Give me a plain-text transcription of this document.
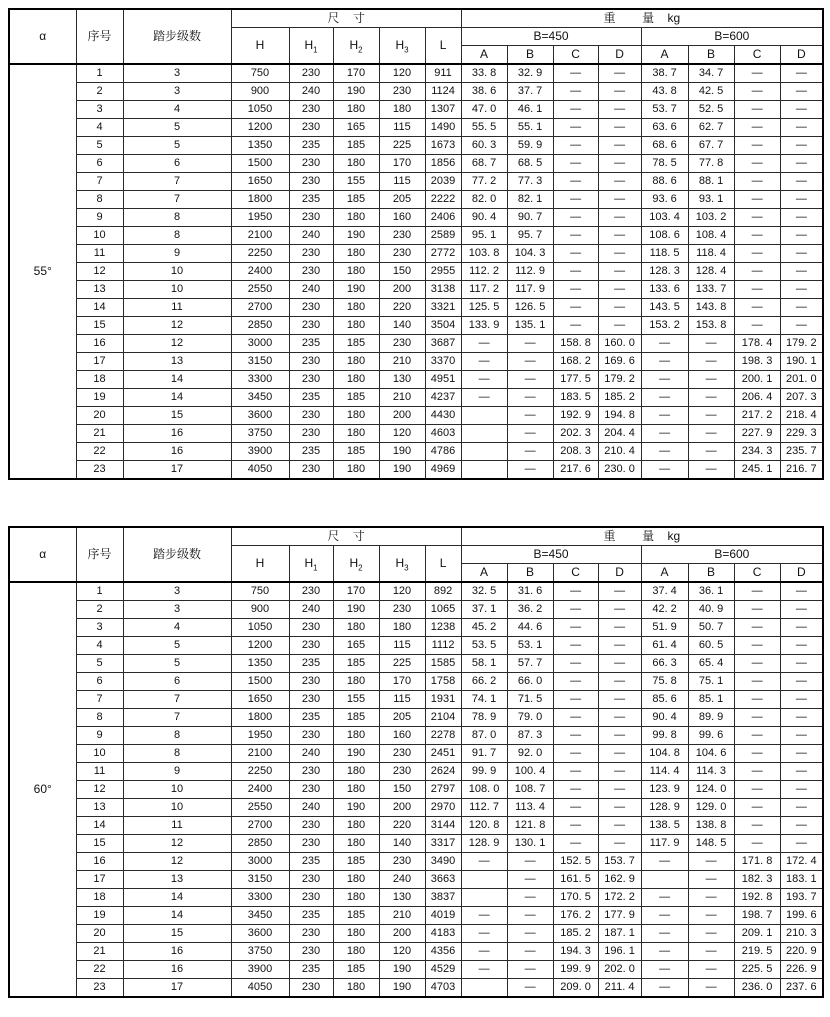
α	序号	踏步级数	尺    寸					重        量    kg							
			H	$H_1$	$H_2$	$H_3$	L	B=450				B=600			
								A	B	C	D	A	B	C	D
55°	1	3	750	230	170	120	911	33. 8	32. 9	—	—	38. 7	34. 7	—	—
	2	3	900	240	190	230	1124	38. 6	37. 7	—	—	43. 8	42. 5	—	—
	3	4	1050	230	180	180	1307	47. 0	46. 1	—	—	53. 7	52. 5	—	—
	4	5	1200	230	165	115	1490	55. 5	55. 1	—	—	63. 6	62. 7	—	—
	5	5	1350	235	185	225	1673	60. 3	59. 9	—	—	68. 6	67. 7	—	—
	6	6	1500	230	180	170	1856	68. 7	68. 5	—	—	78. 5	77. 8	—	—
	7	7	1650	230	155	115	2039	77. 2	77. 3	—	—	88. 6	88. 1	—	—
	8	7	1800	235	185	205	2222	82. 0	82. 1	—	—	93. 6	93. 1	—	—
	9	8	1950	230	180	160	2406	90. 4	90. 7	—	—	103. 4	103. 2	—	—
	10	8	2100	240	190	230	2589	95. 1	95. 7	—	—	108. 6	108. 4	—	—
	11	9	2250	230	180	230	2772	103. 8	104. 3	—	—	118. 5	118. 4	—	—
	12	10	2400	230	180	150	2955	112. 2	112. 9	—	—	128. 3	128. 4	—	—
	13	10	2550	240	190	200	3138	117. 2	117. 9	—	—	133. 6	133. 7	—	—
	14	11	2700	230	180	220	3321	125. 5	126. 5	—	—	143. 5	143. 8	—	—
	15	12	2850	230	180	140	3504	133. 9	135. 1	—	—	153. 2	153. 8	—	—
	16	12	3000	235	185	230	3687	—	—	158. 8	160. 0	—	—	178. 4	179. 2
	17	13	3150	230	180	210	3370	—	—	168. 2	169. 6	—	—	198. 3	190. 1
	18	14	3300	230	180	130	4951	—	—	177. 5	179. 2	—	—	200. 1	201. 0
	19	14	3450	235	185	210	4237	—	—	183. 5	185. 2	—	—	206. 4	207. 3
	20	15	3600	230	180	200	4430		—	192. 9	194. 8	—	—	217. 2	218. 4
	21	16	3750	230	180	120	4603		—	202. 3	204. 4	—	—	227. 9	229. 3
	22	16	3900	235	185	190	4786		—	208. 3	210. 4	—	—	234. 3	235. 7
	23	17	4050	230	180	190	4969		—	217. 6	230. 0	—	—	245. 1	216. 7
α	序号	踏步级数	尺    寸					重        量    kg							
			H	$H_1$	$H_2$	$H_3$	L	B=450				B=600			
								A	B	C	D	A	B	C	D
60°	1	3	750	230	170	120	892	32. 5	31. 6	—	—	37. 4	36. 1	—	—
	2	3	900	240	190	230	1065	37. 1	36. 2	—	—	42. 2	40. 9	—	—
	3	4	1050	230	180	180	1238	45. 2	44. 6	—	—	51. 9	50. 7	—	—
	4	5	1200	230	165	115	1112	53. 5	53. 1	—	—	61. 4	60. 5	—	—
	5	5	1350	235	185	225	1585	58. 1	57. 7	—	—	66. 3	65. 4	—	—
	6	6	1500	230	180	170	1758	66. 2	66. 0	—	—	75. 8	75. 1	—	—
	7	7	1650	230	155	115	1931	74. 1	71. 5	—	—	85. 6	85. 1	—	—
	8	7	1800	235	185	205	2104	78. 9	79. 0	—	—	90. 4	89. 9	—	—
	9	8	1950	230	180	160	2278	87. 0	87. 3	—	—	99. 8	99. 6	—	—
	10	8	2100	240	190	230	2451	91. 7	92. 0	—	—	104. 8	104. 6	—	—
	11	9	2250	230	180	230	2624	99. 9	100. 4	—	—	114. 4	114. 3	—	—
	12	10	2400	230	180	150	2797	108. 0	108. 7	—	—	123. 9	124. 0	—	—
	13	10	2550	240	190	200	2970	112. 7	113. 4	—	—	128. 9	129. 0	—	—
	14	11	2700	230	180	220	3144	120. 8	121. 8	—	—	138. 5	138. 8	—	—
	15	12	2850	230	180	140	3317	128. 9	130. 1	—	—	117. 9	148. 5	—	—
	16	12	3000	235	185	230	3490	—	—	152. 5	153. 7	—	—	171. 8	172. 4
	17	13	3150	230	180	240	3663		—	161. 5	162. 9		—	182. 3	183. 1
	18	14	3300	230	180	130	3837		—	170. 5	172. 2	—	—	192. 8	193. 7
	19	14	3450	235	185	210	4019	—	—	176. 2	177. 9	—	—	198. 7	199. 6
	20	15	3600	230	180	200	4183	—	—	185. 2	187. 1	—	—	209. 1	210. 3
	21	16	3750	230	180	120	4356	—	—	194. 3	196. 1	—	—	219. 5	220. 9
	22	16	3900	235	185	190	4529	—	—	199. 9	202. 0	—	—	225. 5	226. 9
	23	17	4050	230	180	190	4703		—	209. 0	211. 4	—	—	236. 0	237. 6
